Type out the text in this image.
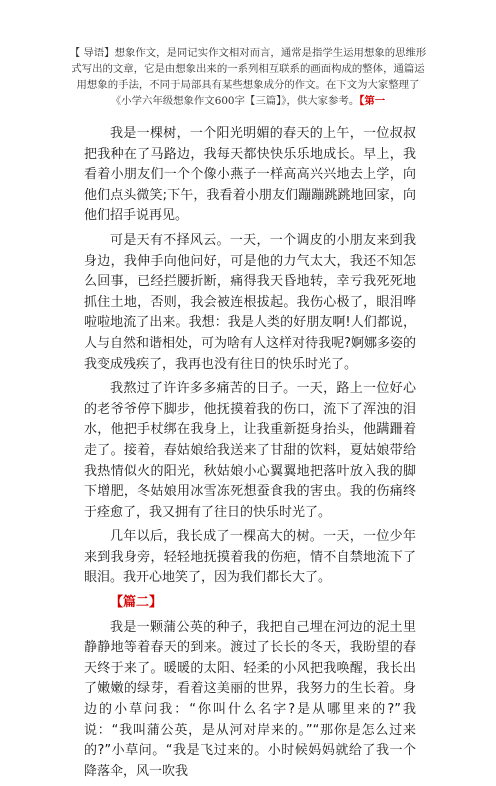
【 导语】想象作文，是同记实作文相对而言，通常是指学生运用想象的思维形
式写出的文章，它是由想象出来的一系列相互联系的画面构成的整体，通篇运
用想象的手法，不同于局部具有某些想象成分的作文。在下文为大家整理了
《小学六年级想象作文600字【三篇】》，供大家参考。【第一

我是一棵树，一个阳光明媚的春天的上午，一位叔叔把我种在了马路边，我每天都快快乐乐地成长。早上，我看着小朋友们一个个像小燕子一样高高兴兴地去上学，向他们点头微笑;下午，我看着小朋友们蹦蹦跳跳地回家，向他们招手说再见。

可是天有不择风云。一天，一个调皮的小朋友来到我身边，我伸手向他问好，可是他的力气太大，我还不知怎么回事，已经拦腰折断，痛得我天昏地转，幸亏我死死地抓住土地，否则，我会被连根拔起。我伤心极了，眼泪哗啦啦地流了出来。我想：我是人类的好朋友啊!人们都说，人与自然和谐相处，可为啥有人这样对待我呢?婀娜多姿的我变成残疾了，我再也没有往日的快乐时光了。

我熬过了许许多多痛苦的日子。一天，路上一位好心的老爷爷停下脚步，他抚摸着我的伤口，流下了浑浊的泪水，他把手杖绑在我身上，让我重新挺身抬头，他蹒跚着走了。接着，春姑娘给我送来了甘甜的饮料，夏姑娘带给我热情似火的阳光，秋姑娘小心翼翼地把落叶放入我的脚下增肥，冬姑娘用冰雪冻死想蚕食我的害虫。我的伤痛终于痊愈了，我又拥有了往日的快乐时光了。

几年以后，我长成了一棵高大的树。一天，一位少年来到我身旁，轻轻地抚摸着我的伤疤，情不自禁地流下了眼泪。我开心地笑了，因为我们都长大了。

【篇二】

我是一颗蒲公英的种子，我把自己埋在河边的泥土里静静地等着春天的到来。渡过了长长的冬天，我盼望的春天终于来了。暖暖的太阳、轻柔的小风把我唤醒，我长出了嫩嫩的绿芽，看着这美丽的世界，我努力的生长着。身边的小草问我：“你叫什么名字?是从哪里来的?”我说：“我叫蒲公英，是从河对岸来的。”“那你是怎么过来的?”小草问。“我是飞过来的。小时候妈妈就给了我一个降落伞，风一吹我
